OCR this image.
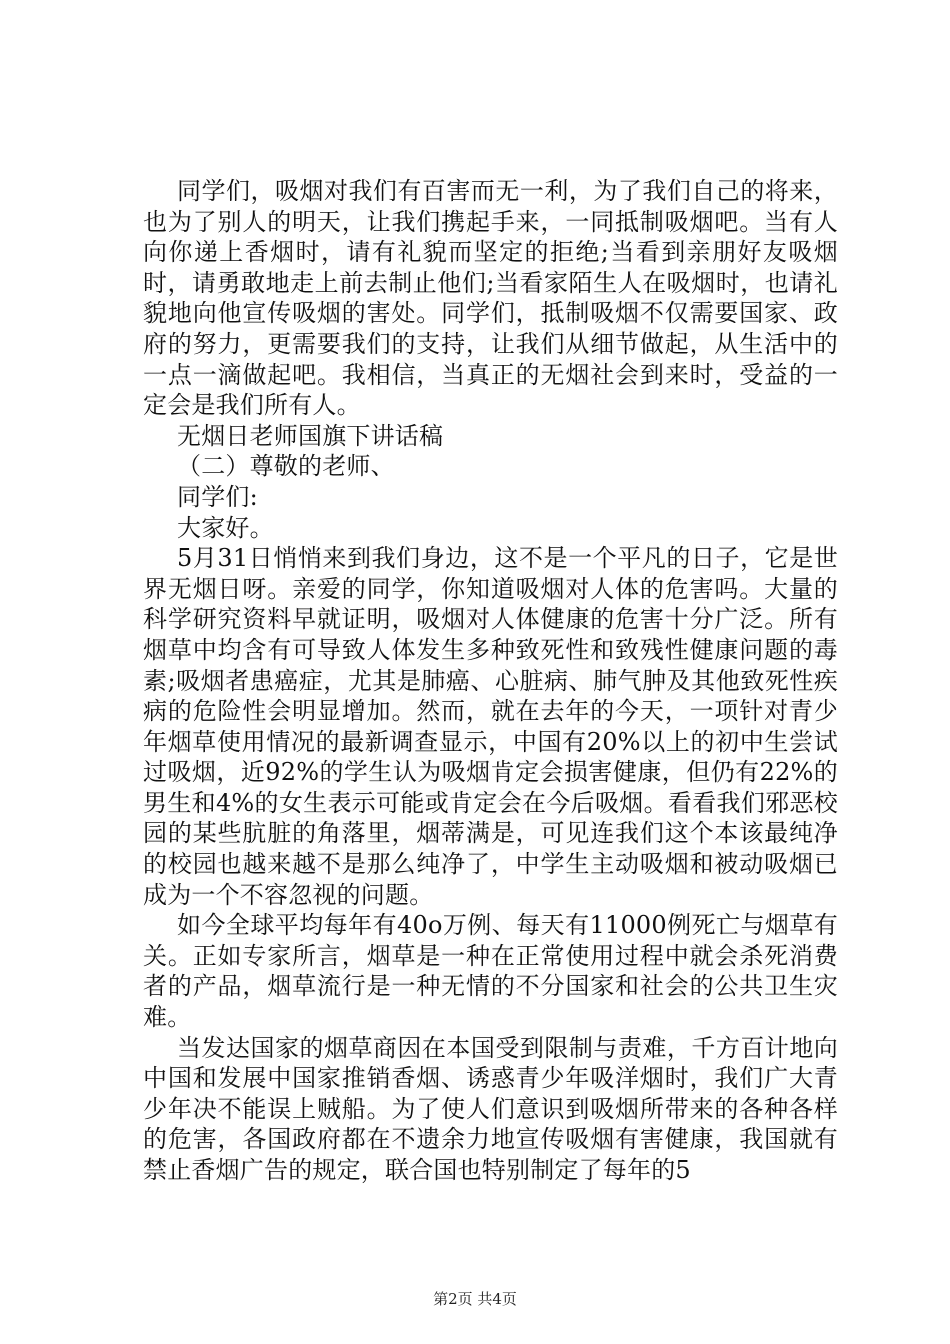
同学们，吸烟对我们有百害而无一利，为了我们自己的将来，也为了别人的明天，让我们携起手来，一同抵制吸烟吧。当有人向你递上香烟时，请有礼貌而坚定的拒绝;当看到亲朋好友吸烟时，请勇敢地走上前去制止他们;当看家陌生人在吸烟时，也请礼貌地向他宣传吸烟的害处。同学们，抵制吸烟不仅需要国家、政府的努力，更需要我们的支持，让我们从细节做起，从生活中的一点一滴做起吧。我相信，当真正的无烟社会到来时，受益的一定会是我们所有人。

无烟日老师国旗下讲话稿

（二）尊敬的老师、

同学们:

大家好。

5月31日悄悄来到我们身边，这不是一个平凡的日子，它是世界无烟日呀。亲爱的同学，你知道吸烟对人体的危害吗。大量的科学研究资料早就证明，吸烟对人体健康的危害十分广泛。所有烟草中均含有可导致人体发生多种致死性和致残性健康问题的毒素;吸烟者患癌症，尤其是肺癌、心脏病、肺气肿及其他致死性疾病的危险性会明显增加。然而，就在去年的今天，一项针对青少年烟草使用情况的最新调查显示，中国有20%以上的初中生尝试过吸烟，近92%的学生认为吸烟肯定会损害健康，但仍有22%的男生和4%的女生表示可能或肯定会在今后吸烟。看看我们邪恶校园的某些肮脏的角落里，烟蒂满是，可见连我们这个本该最纯净的校园也越来越不是那么纯净了，中学生主动吸烟和被动吸烟已成为一个不容忽视的问题。

如今全球平均每年有40o万例、每天有11000例死亡与烟草有关。正如专家所言，烟草是一种在正常使用过程中就会杀死消费者的产品，烟草流行是一种无情的不分国家和社会的公共卫生灾难。

当发达国家的烟草商因在本国受到限制与责难，千方百计地向中国和发展中国家推销香烟、诱惑青少年吸洋烟时，我们广大青少年决不能误上贼船。为了使人们意识到吸烟所带来的各种各样的危害，各国政府都在不遗余力地宣传吸烟有害健康，我国就有禁止香烟广告的规定，联合国也特别制定了每年的5

第2页 共4页
